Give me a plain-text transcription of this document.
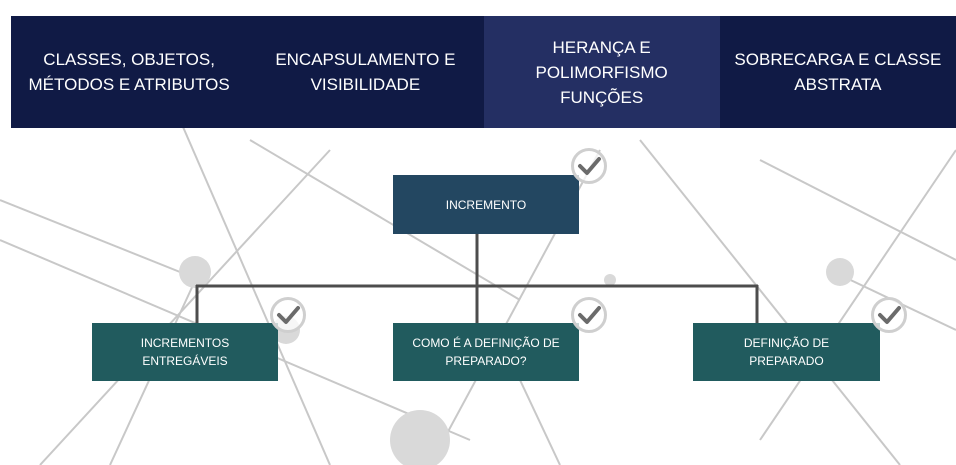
CLASSES, OBJETOS,
MÉTODOS E ATRIBUTOS
ENCAPSULAMENTO E
VISIBILIDADE
HERANÇA E POLIMORFISMO
FUNÇÕES
SOBRECARGA E CLASSE
ABSTRATA
INCREMENTO
INCREMENTOS
ENTREGÁVEIS
COMO É A DEFINIÇÃO DE
PREPARADO?
DEFINIÇÃO DE
PREPARADO
